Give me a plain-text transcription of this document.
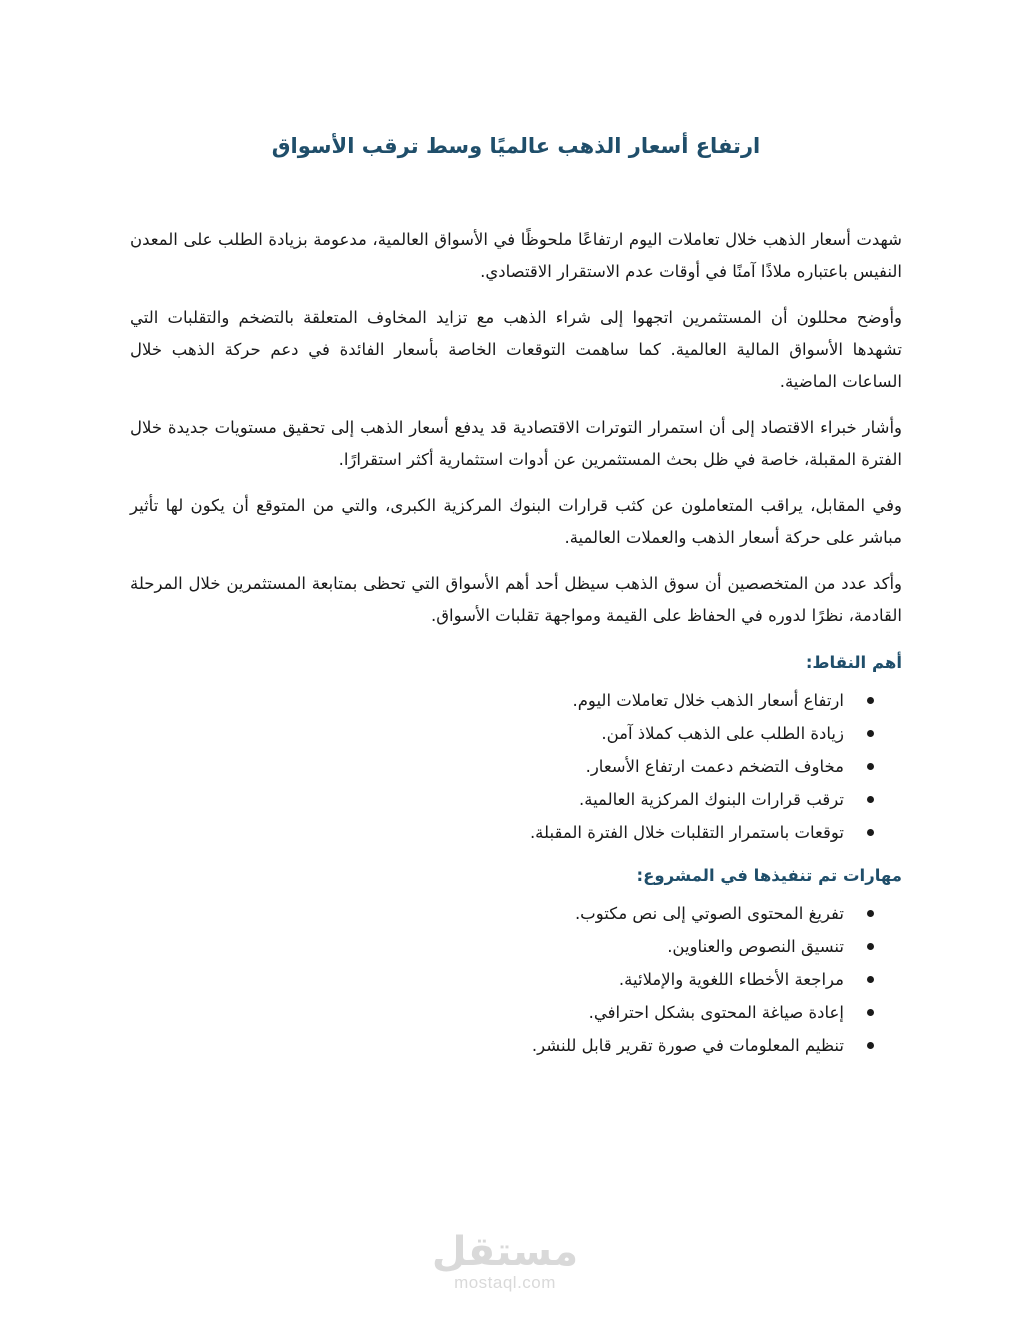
ارتفاع أسعار الذهب عالميًا وسط ترقب الأسواق

شهدت أسعار الذهب خلال تعاملات اليوم ارتفاعًا ملحوظًا في الأسواق العالمية، مدعومة بزيادة الطلب على المعدن النفيس باعتباره ملاذًا آمنًا في أوقات عدم الاستقرار الاقتصادي.

وأوضح محللون أن المستثمرين اتجهوا إلى شراء الذهب مع تزايد المخاوف المتعلقة بالتضخم والتقلبات التي تشهدها الأسواق المالية العالمية. كما ساهمت التوقعات الخاصة بأسعار الفائدة في دعم حركة الذهب خلال الساعات الماضية.

وأشار خبراء الاقتصاد إلى أن استمرار التوترات الاقتصادية قد يدفع أسعار الذهب إلى تحقيق مستويات جديدة خلال الفترة المقبلة، خاصة في ظل بحث المستثمرين عن أدوات استثمارية أكثر استقرارًا.

وفي المقابل، يراقب المتعاملون عن كثب قرارات البنوك المركزية الكبرى، والتي من المتوقع أن يكون لها تأثير مباشر على حركة أسعار الذهب والعملات العالمية.

وأكد عدد من المتخصصين أن سوق الذهب سيظل أحد أهم الأسواق التي تحظى بمتابعة المستثمرين خلال المرحلة القادمة، نظرًا لدوره في الحفاظ على القيمة ومواجهة تقلبات الأسواق.

أهم النقاط:
ارتفاع أسعار الذهب خلال تعاملات اليوم.
زيادة الطلب على الذهب كملاذ آمن.
مخاوف التضخم دعمت ارتفاع الأسعار.
ترقب قرارات البنوك المركزية العالمية.
توقعات باستمرار التقلبات خلال الفترة المقبلة.
مهارات تم تنفيذها في المشروع:
تفريغ المحتوى الصوتي إلى نص مكتوب.
تنسيق النصوص والعناوين.
مراجعة الأخطاء اللغوية والإملائية.
إعادة صياغة المحتوى بشكل احترافي.
تنظيم المعلومات في صورة تقرير قابل للنشر.
مستقل
mostaql.com
